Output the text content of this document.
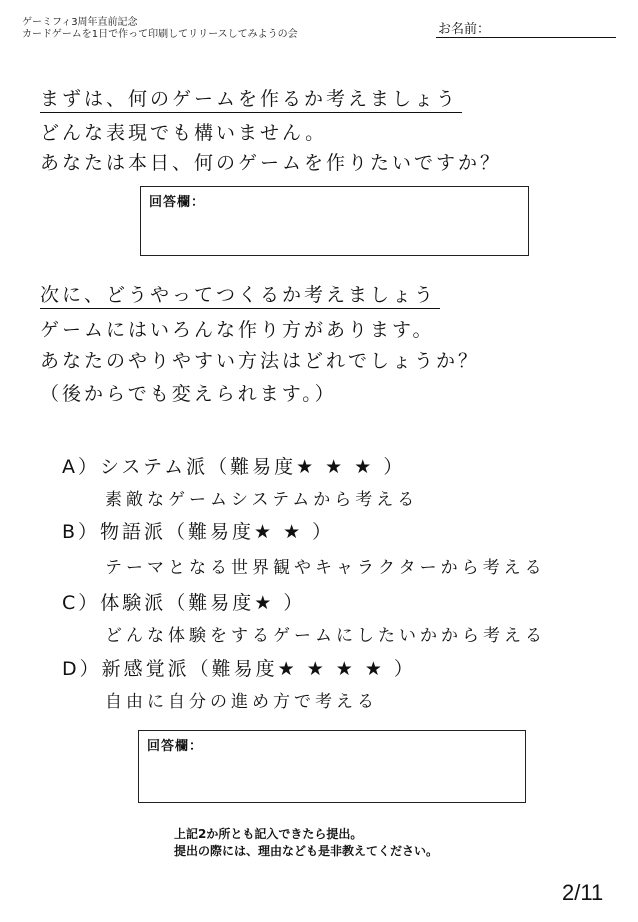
ゲーミフィ3周年直前記念
カードゲームを1日で作って印刷してリリースしてみようの会	お名前：
まずは、何のゲームを作るか考えましょう
どんな表現でも構いません。
あなたは本日、何のゲームを作りたいですか？
回答欄：
次に、どうやってつくるか考えましょう
ゲームにはいろんな作り方があります。
あなたのやりやすい方法はどれでしょうか？
（後からでも変えられます。）
A）システム派（難易度★ ★ ★ ）
素敵なゲームシステムから考える
B）物語派（難易度★ ★ ）
テーマとなる世界観やキャラクターから考える
C）体験派（難易度★ ）
どんな体験をするゲームにしたいかから考える
D）新感覚派（難易度★ ★ ★ ★ ）
自由に自分の進め方で考える
回答欄：
上記2か所とも記入できたら提出。
提出の際には、理由なども是非教えてください。
2/11
